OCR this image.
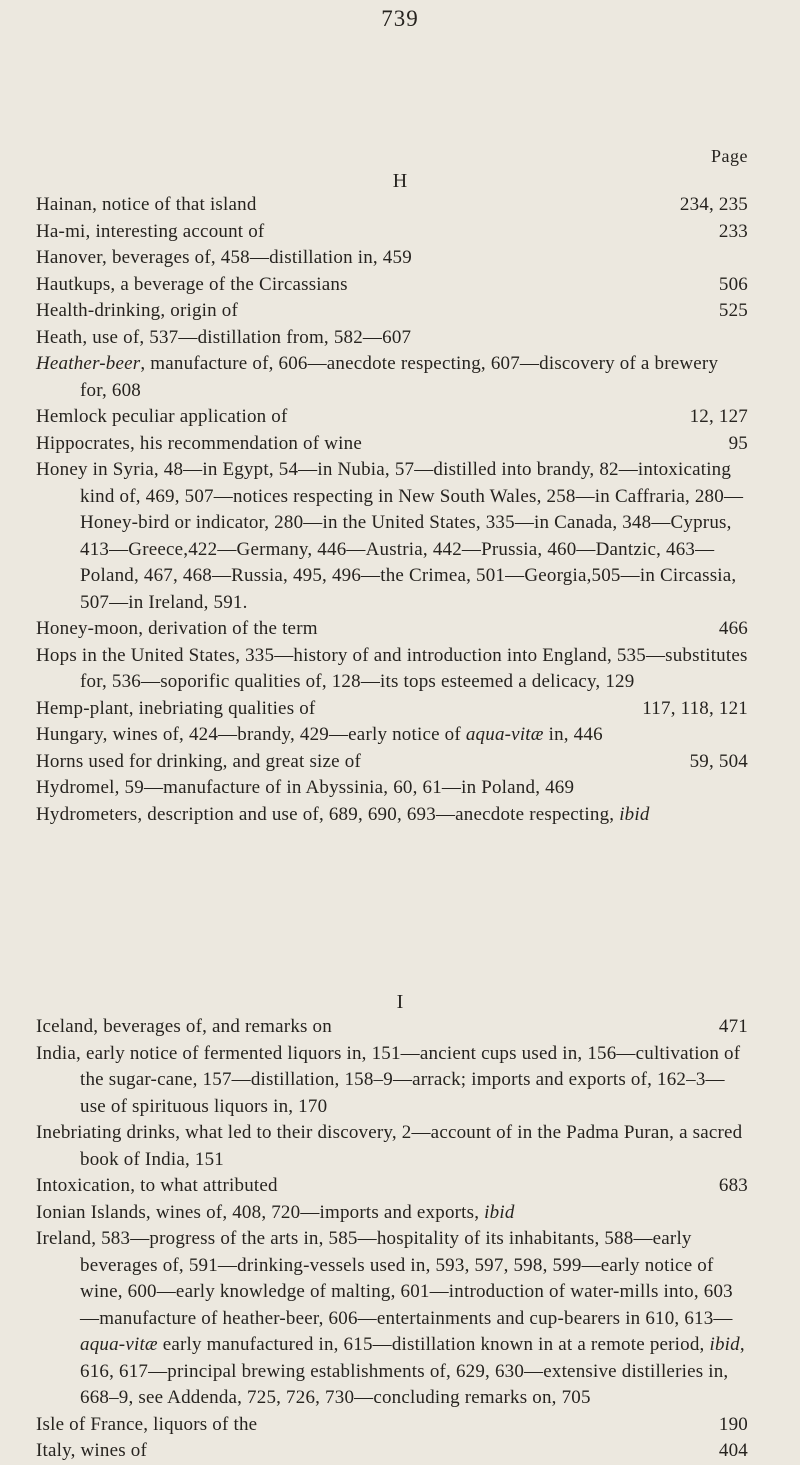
739
Page
H
Hainan, notice of that island	234, 235
Ha-mi, interesting account of	233
Hanover, beverages of, 458—distillation in, 459
Hautkups, a beverage of the Circassians	506
Health-drinking, origin of	525
Heath, use of, 537—distillation from, 582—607
Heather-beer, manufacture of, 606—anecdote respecting, 607—discovery of a brewery for, 608
Hemlock peculiar application of	12, 127
Hippocrates, his recommendation of wine	95
Honey in Syria, 48—in Egypt, 54—in Nubia, 57—distilled into brandy, 82—intoxicating kind of, 469, 507—notices respecting in New South Wales, 258—in Caffraria, 280—Honey-bird or indicator, 280—in the United States, 335—in Canada, 348—Cyprus, 413—Greece,422—Germany, 446—Austria, 442—Prussia, 460—Dantzic, 463—Poland, 467, 468—Russia, 495, 496—the Crimea, 501—Georgia,505—in Circassia, 507—in Ireland, 591.
Honey-moon, derivation of the term	466
Hops in the United States, 335—history of and introduction into England, 535—substitutes for, 536—soporific qualities of, 128—its tops esteemed a delicacy, 129
Hemp-plant, inebriating qualities of	117, 118, 121
Hungary, wines of, 424—brandy, 429—early notice of aqua-vitæ in, 446
Horns used for drinking, and great size of	59, 504
Hydromel, 59—manufacture of in Abyssinia, 60, 61—in Poland, 469
Hydrometers, description and use of, 689, 690, 693—anecdote respecting, ibid
I
Iceland, beverages of, and remarks on	471
India, early notice of fermented liquors in, 151—ancient cups used in, 156—cultivation of the sugar-cane, 157—distillation, 158–9—arrack; imports and exports of, 162–3—use of spirituous liquors in, 170
Inebriating drinks, what led to their discovery, 2—account of in the Padma Puran, a sacred book of India, 151
Intoxication, to what attributed	683
Ionian Islands, wines of, 408, 720—imports and exports, ibid
Ireland, 583—progress of the arts in, 585—hospitality of its inhabitants, 588—early beverages of, 591—drinking-vessels used in, 593, 597, 598, 599—early notice of wine, 600—early knowledge of malting, 601—introduction of water-mills into, 603—manufacture of heather-beer, 606—entertainments and cup-bearers in 610, 613—aqua-vitæ early manufactured in, 615—distillation known in at a remote period, ibid, 616, 617—principal brewing establishments of, 629, 630—extensive distilleries in, 668–9, see Addenda, 725, 726, 730—concluding remarks on, 705
Isle of France, liquors of the	190
Italy, wines of	404
